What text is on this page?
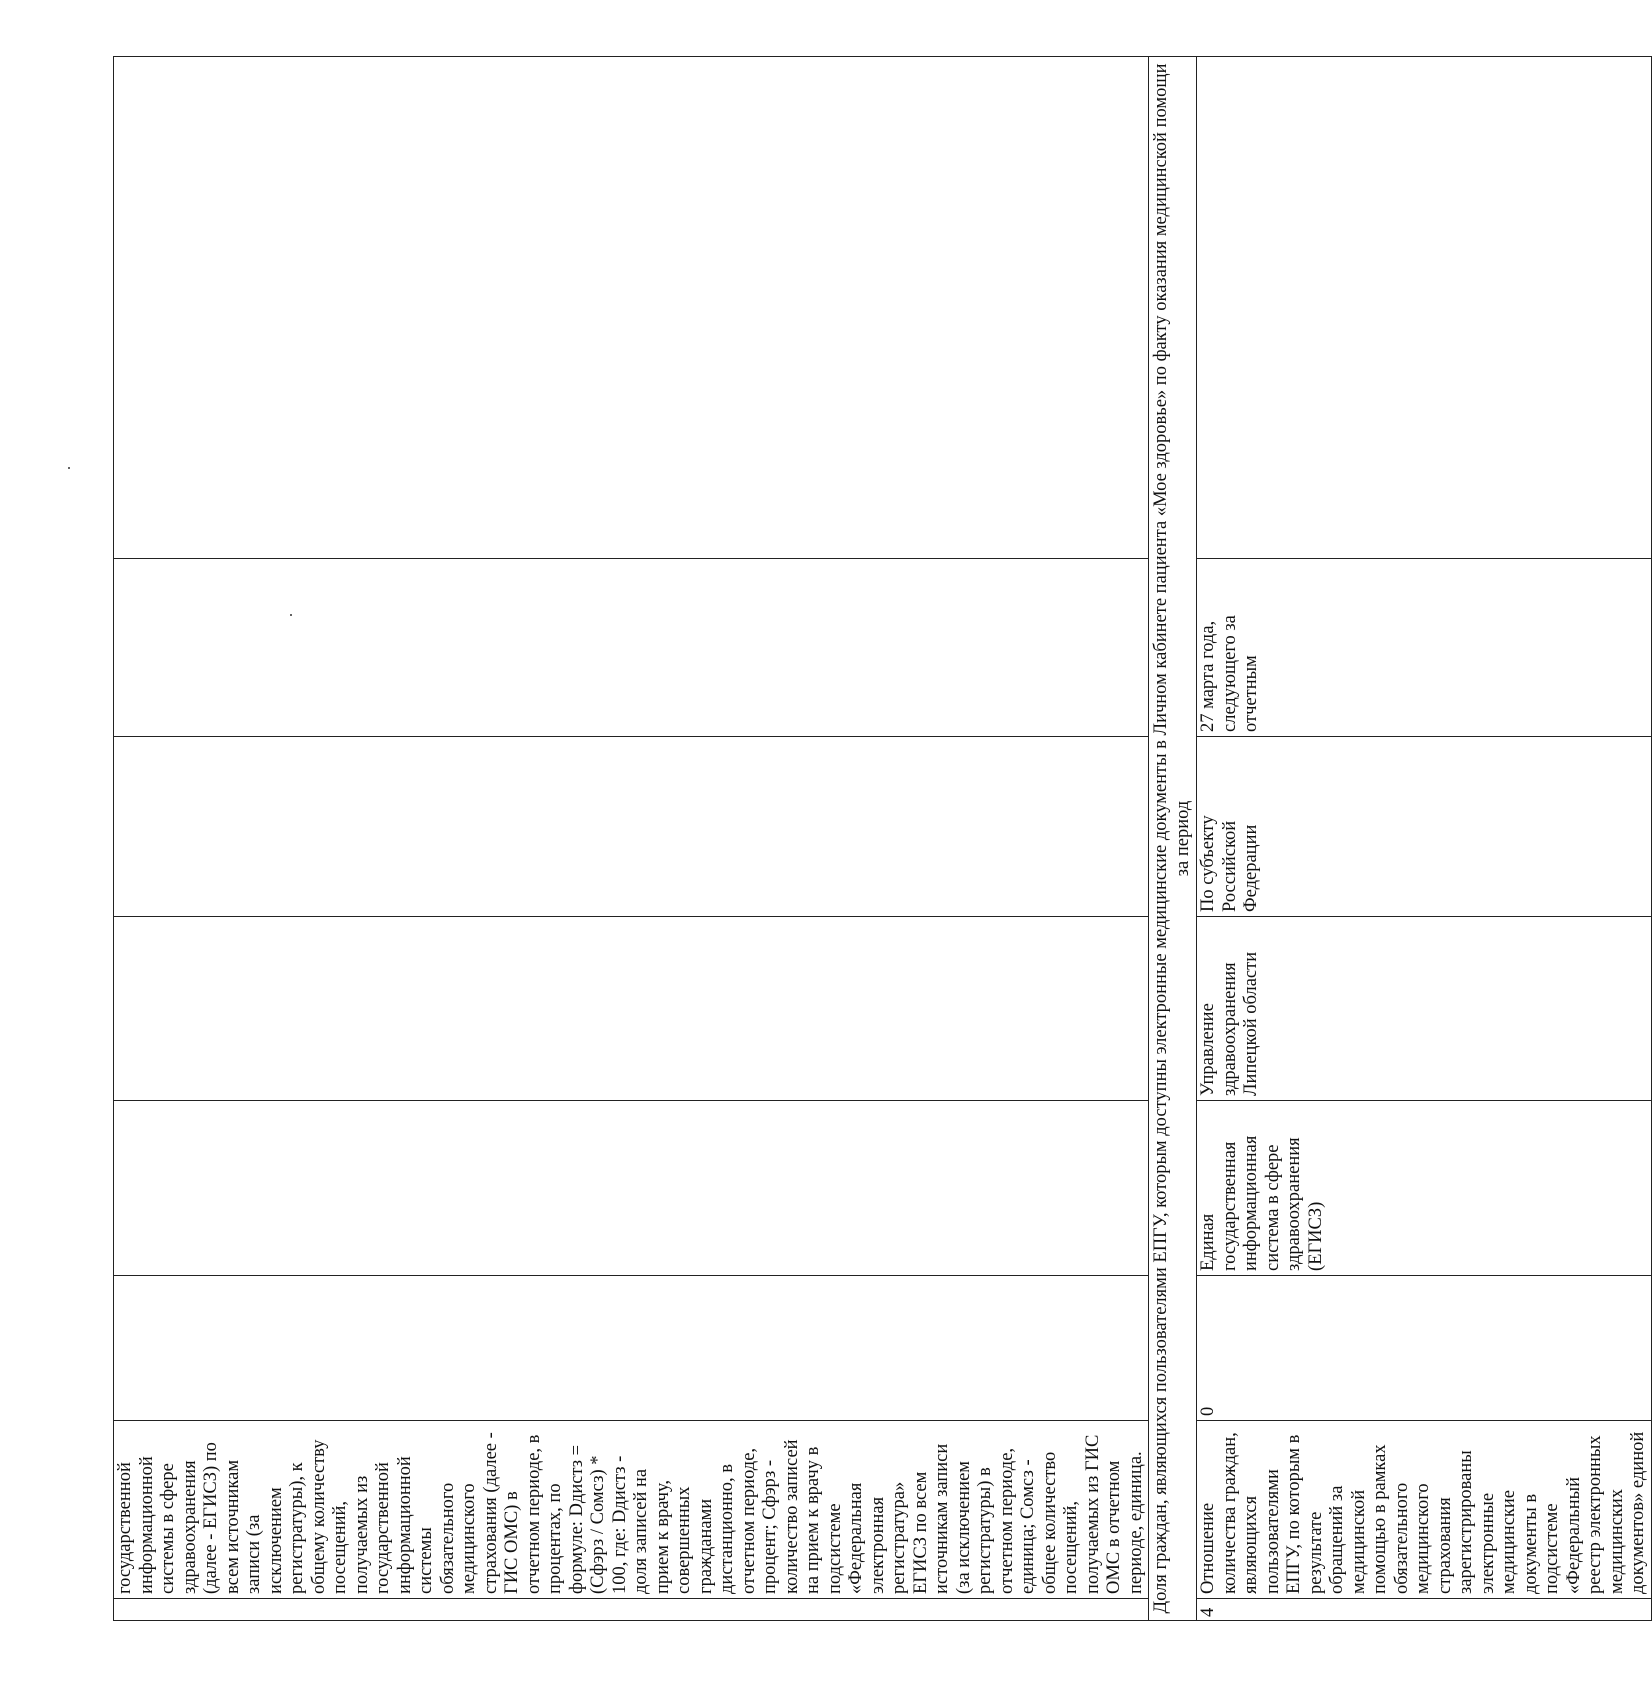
	государственной информационной системы в сфере здравоохранения (далее - ЕГИСЗ) по всем источникам записи (за исключением регистратуры), к общему количеству посещений, получаемых из государственной информационной системы обязательного медицинского страхования (далее - ГИС ОМС) в отчетном периоде, в процентах, по формуле: Dдистз = (Сфэрз / Сомсз) * 100, где: Dдистз - доля записей на прием к врачу, совершенных гражданами дистанционно, в отчетном периоде, процент; Сфэрз - количество записей на прием к врачу в подсистеме «Федеральная электронная регистратура» ЕГИСЗ по всем источникам записи (за исключением регистратуры) в отчетном периоде, единица; Сомсз - общее количество посещений, получаемых из ГИС ОМС в отчетном периоде, единица.						
Доля граждан, являющихся пользователями ЕПГУ, которым доступны электронные медицинские документы в Личном кабинете пациента «Мое здоровье» по факту оказания медицинской помощи за период							
4	Отношение количества граждан, являющихся пользователями ЕПГУ, по которым в результате обращений за медицинской помощью в рамках обязательного медицинского страхования зарегистрированы электронные медицинские документы в подсистеме «Федеральный реестр электронных медицинских документов» единой	0	Единая государственная информационная система в сфере здравоохранения (ЕГИСЗ)	Управление здравоохранения Липецкой области	По субъекту Российской Федерации	27 марта года, следующего за отчетным	
